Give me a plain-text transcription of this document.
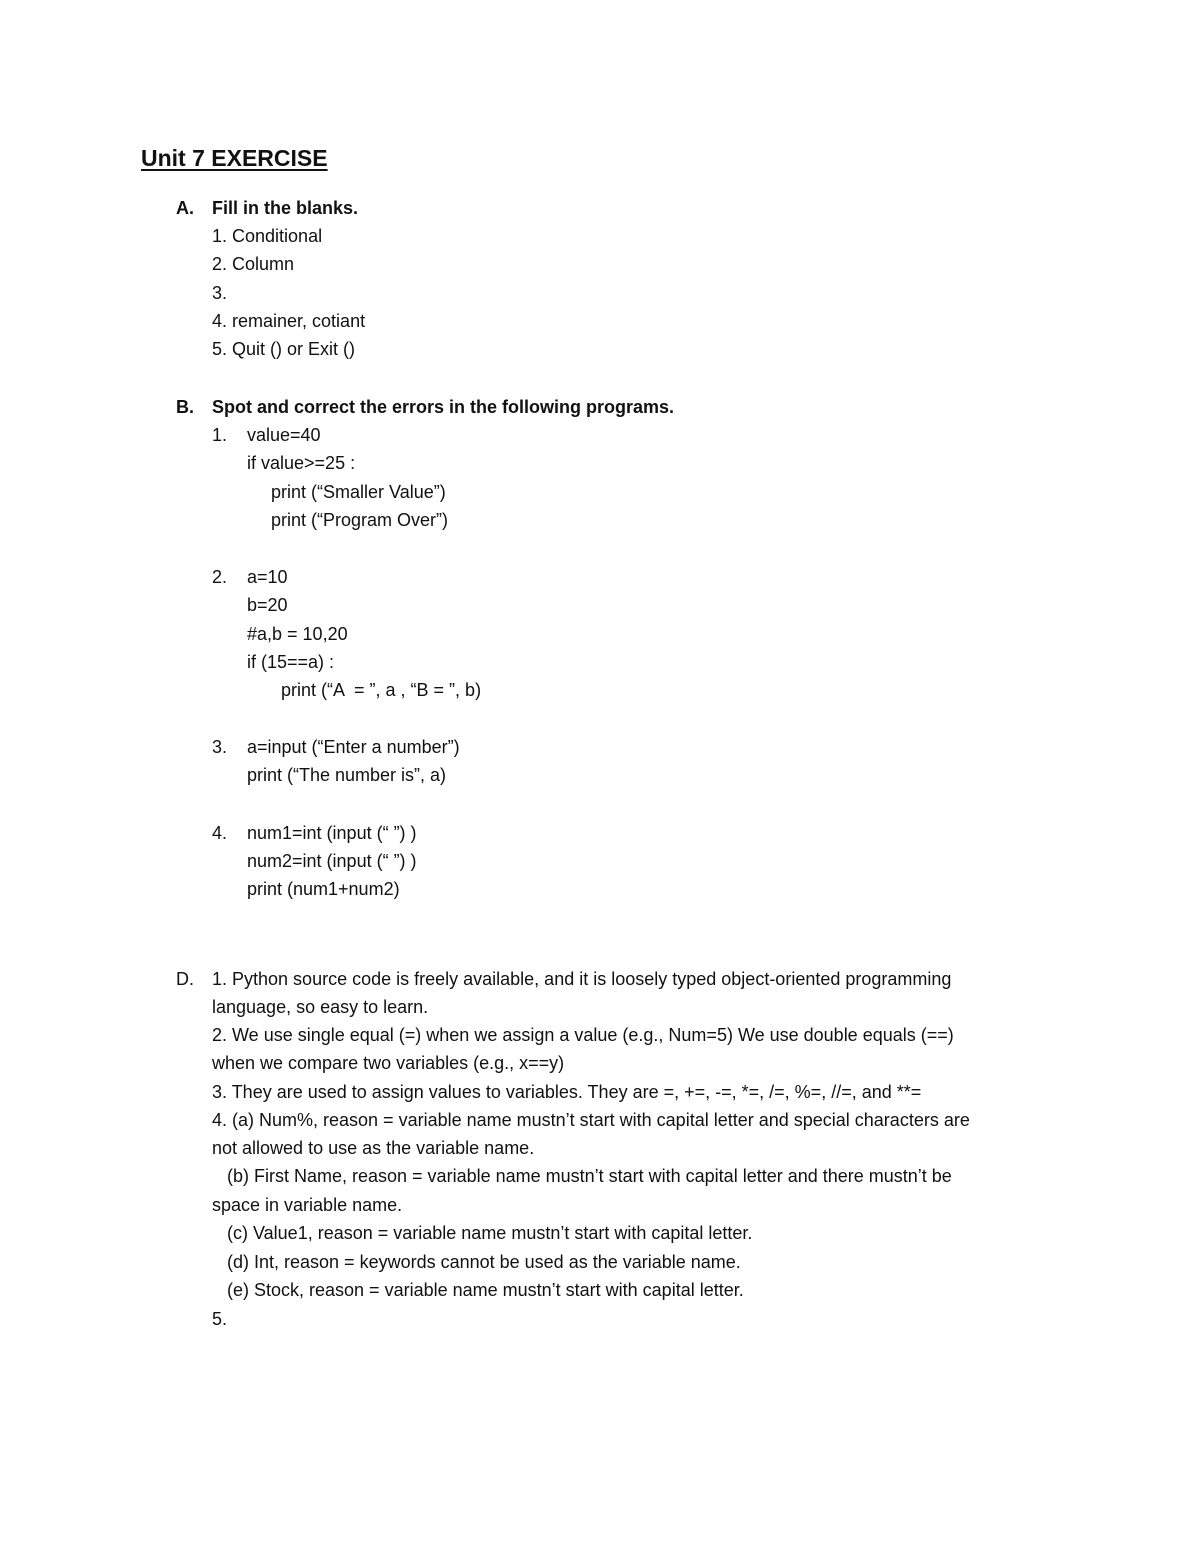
Unit 7 EXERCISE
A. Fill in the blanks.
1. Conditional
2. Column
3.
4. remainer, cotiant
5. Quit () or Exit ()
B. Spot and correct the errors in the following programs.
1. value=40
if value>=25 :
print (“Smaller Value”)
print (“Program Over”)
2. a=10
b=20
#a,b = 10,20
if (15==a) :
print (“A  = ”, a , “B = ”, b)
3. a=input (“Enter a number”)
print (“The number is”, a)
4. num1=int (input (“ ”) )
num2=int (input (“ ”) )
print (num1+num2)
D. 1. Python source code is freely available, and it is loosely typed object-oriented programming
language, so easy to learn.
2. We use single equal (=) when we assign a value (e.g., Num=5) We use double equals (==)
when we compare two variables (e.g., x==y)
3. They are used to assign values to variables. They are =, +=, -=, *=, /=, %=, //=, and **=
4. (a) Num%, reason = variable name mustn’t start with capital letter and special characters are
not allowed to use as the variable name.
(b) First Name, reason = variable name mustn’t start with capital letter and there mustn’t be
space in variable name.
(c) Value1, reason = variable name mustn’t start with capital letter.
(d) Int, reason = keywords cannot be used as the variable name.
(e) Stock, reason = variable name mustn’t start with capital letter.
5.
